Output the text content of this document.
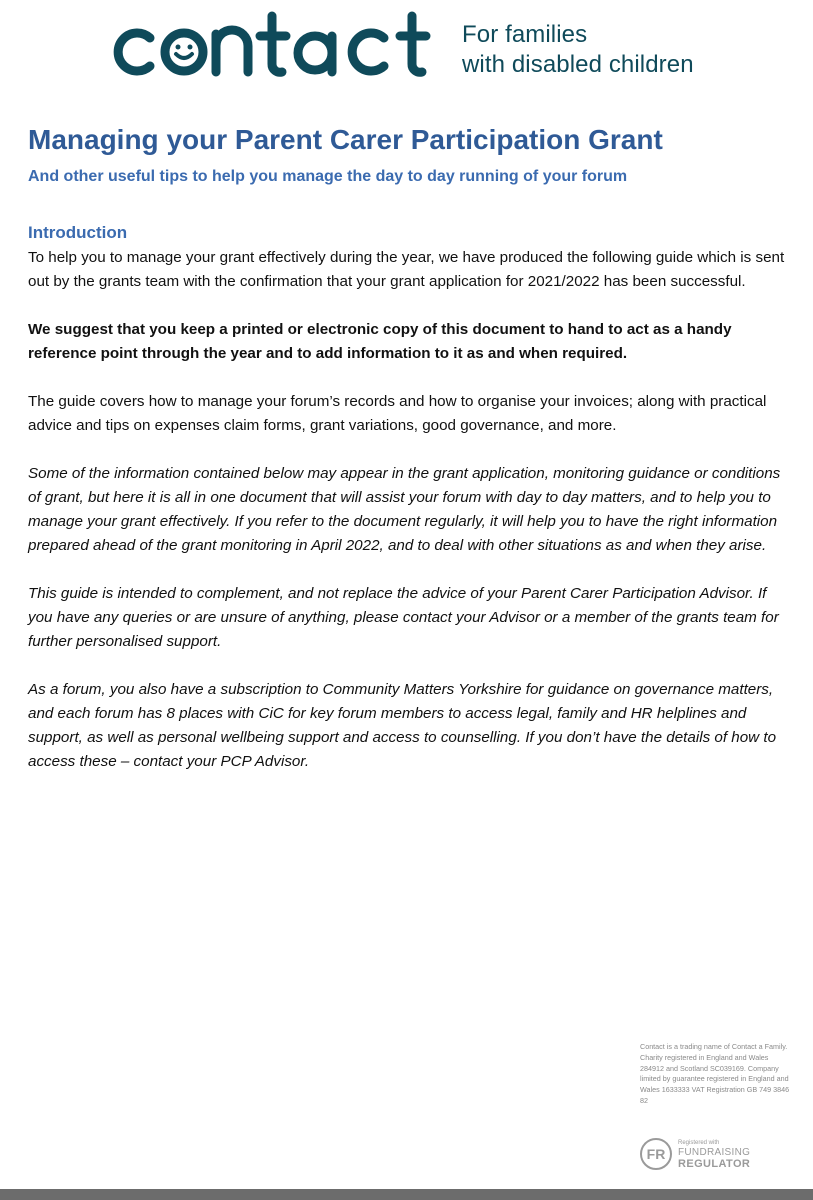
For families
with disabled children
Managing your Parent Carer Participation Grant
And other useful tips to help you manage the day to day running of your forum
Introduction

To help you to manage your grant effectively during the year, we have produced the following guide which is sent out by the grants team with the confirmation that your grant application for 2021/2022 has been successful.

We suggest that you keep a printed or electronic copy of this document to hand to act as a handy reference point through the year and to add information to it as and when required.

The guide covers how to manage your forum’s records and how to organise your invoices; along with practical advice and tips on expenses claim forms, grant variations, good governance, and more.

Some of the information contained below may appear in the grant application, monitoring guidance or conditions of grant, but here it is all in one document that will assist your forum with day to day matters, and to help you to manage your grant effectively. If you refer to the document regularly, it will help you to have the right information prepared ahead of the grant monitoring in April 2022, and to deal with other situations as and when they arise.

This guide is intended to complement, and not replace the advice of your Parent Carer Participation Advisor. If you have any queries or are unsure of anything, please contact your Advisor or a member of the grants team for further personalised support.

As a forum, you also have a subscription to Community Matters Yorkshire for guidance on governance matters, and each forum has 8 places with CiC for key forum members to access legal, family and HR helplines and support, as well as personal wellbeing support and access to counselling. If you don’t have the details of how to access these – contact your PCP Advisor.

Contact is a trading name of Contact a Family. Charity registered in England and Wales 284912 and Scotland SC039169. Company limited by guarantee registered in England and Wales 1633333 VAT Registration GB 749 3846 82
FR
Registered with
FUNDRAISING
REGULATOR
